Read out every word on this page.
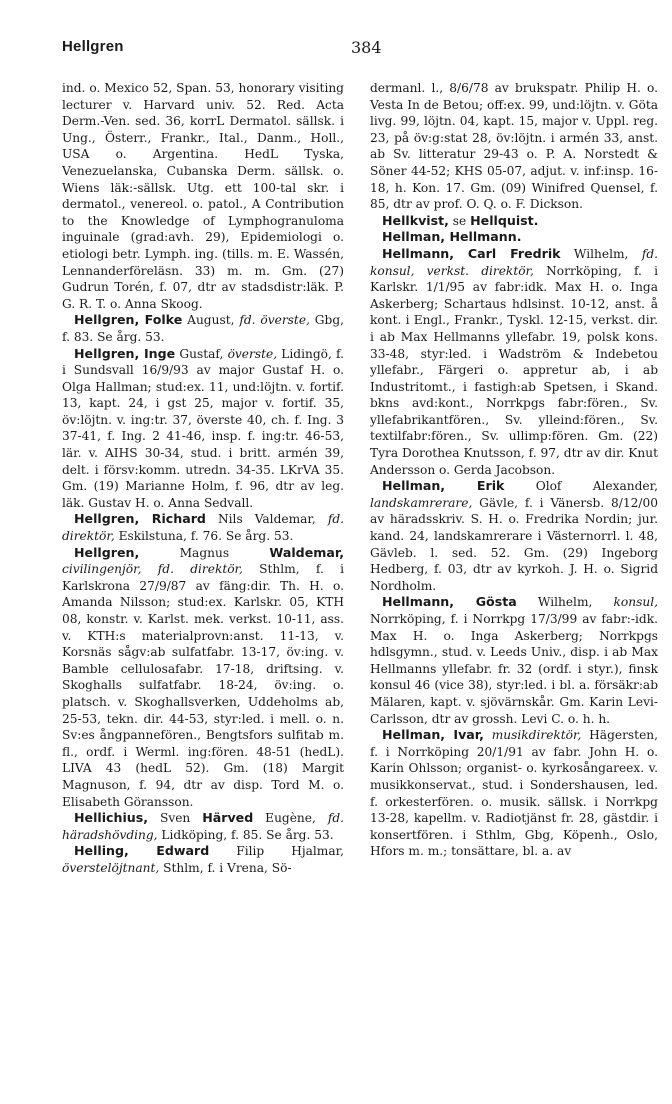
Hellgren	384

ind. o. Mexico 52, Span. 53, honorary visiting lecturer v. Harvard univ. 52. Red. Acta Derm.-Ven. sed. 36, korrL Dermatol. sällsk. i Ung., Österr., Frankr., Ital., Danm., Holl., USA o. Argentina. HedL Tyska, Venezuelanska, Cubanska Derm. sällsk. o. Wiens läk:-sällsk. Utg. ett 100-tal skr. i dermatol., venereol. o. patol., A Contribution to the Knowledge of Lymphogranuloma inguinale (grad:avh. 29), Epidemiologi o. etiologi betr. Lymph. ing. (tills. m. E. Wassén, Lennanderföreläsn. 33) m. m. Gm. (27) Gudrun Torén, f. 07, dtr av stadsdistr:läk. P. G. R. T. o. Anna Skoog.

Hellgren, Folke August, fd. överste, Gbg, f. 83. Se årg. 53.

Hellgren, Inge Gustaf, överste, Lidingö, f. i Sundsvall 16/9/93 av major Gustaf H. o. Olga Hallman; stud:ex. 11, und:löjtn. v. fortif. 13, kapt. 24, i gst 25, major v. fortif. 35, öv:löjtn. v. ing:tr. 37, överste 40, ch. f. Ing. 3 37-41, f. Ing. 2 41-46, insp. f. ing:tr. 46-53, lär. v. AIHS 30-34, stud. i britt. armén 39, delt. i försv:komm. utredn. 34-35. LKrVA 35. Gm. (19) Marianne Holm, f. 96, dtr av leg. läk. Gustav H. o. Anna Sedvall.

Hellgren, Richard Nils Valdemar, fd. direktör, Eskilstuna, f. 76. Se årg. 53.

Hellgren, Magnus Waldemar, civilingenjör, fd. direktör, Sthlm, f. i Karlskrona 27/9/87 av fäng:dir. Th. H. o. Amanda Nilsson; stud:ex. Karlskr. 05, KTH 08, konstr. v. Karlst. mek. verkst. 10-11, ass. v. KTH:s materialprovn:anst. 11-13, v. Korsnäs sågv:ab sulfatfabr. 13-17, öv:ing. v. Bamble cellulosafabr. 17-18, driftsing. v. Skoghalls sulfatfabr. 18-24, öv:ing. o. platsch. v. Skoghallsverken, Uddeholms ab, 25-53, tekn. dir. 44-53, styr:led. i mell. o. n. Sv:es ångpannefören., Bengtsfors sulfitab m. fl., ordf. i Werml. ing:fören. 48-51 (hedL). LIVA 43 (hedL 52). Gm. (18) Margit Magnuson, f. 94, dtr av disp. Tord M. o. Elisabeth Göransson.

Hellichius, Sven Härved Eugène, fd. häradshövding, Lidköping, f. 85. Se årg. 53.

Helling, Edward Filip Hjalmar, överstelöjtnant, Sthlm, f. i Vrena, Sö-

dermanl. l., 8/6/78 av brukspatr. Philip H. o. Vesta In de Betou; off:ex. 99, und:löjtn. v. Göta livg. 99, löjtn. 04, kapt. 15, major v. Uppl. reg. 23, på öv:g:stat 28, öv:löjtn. i armén 33, anst. ab Sv. litteratur 29-43 o. P. A. Norstedt & Söner 44-52; KHS 05-07, adjut. v. inf:insp. 16-18, h. Kon. 17. Gm. (09) Winifred Quensel, f. 85, dtr av prof. O. Q. o. F. Dickson.

Hellkvist, se Hellquist.

Hellman, Hellmann.

Hellmann, Carl Fredrik Wilhelm, fd. konsul, verkst. direktör, Norrköping, f. i Karlskr. 1/1/95 av fabr:idk. Max H. o. Inga Askerberg; Schartaus hdlsinst. 10-12, anst. å kont. i Engl., Frankr., Tyskl. 12-15, verkst. dir. i ab Max Hellmanns yllefabr. 19, polsk kons. 33-48, styr:led. i Wadström & Indebetou yllefabr., Färgeri o. appretur ab, i ab Industritomt., i fastigh:ab Spetsen, i Skand. bkns avd:kont., Norrkpgs fabr:fören., Sv. yllefabrikantfören., Sv. ylleind:fören., Sv. textilfabr:fören., Sv. ullimp:fören. Gm. (22) Tyra Dorothea Knutsson, f. 97, dtr av dir. Knut Andersson o. Gerda Jacobson.

Hellman, Erik Olof Alexander, landskamrerare, Gävle, f. i Vänersb. 8/12/00 av häradsskriv. S. H. o. Fredrika Nordin; jur. kand. 24, landskamrerare i Västernorrl. l. 48, Gävleb. l. sed. 52. Gm. (29) Ingeborg Hedberg, f. 03, dtr av kyrkoh. J. H. o. Sigrid Nordholm.

Hellmann, Gösta Wilhelm, konsul, Norrköping, f. i Norrkpg 17/3/99 av fabr:-idk. Max H. o. Inga Askerberg; Norrkpgs hdlsgymn., stud. v. Leeds Univ., disp. i ab Max Hellmanns yllefabr. fr. 32 (ordf. i styr.), finsk konsul 46 (vice 38), styr:led. i bl. a. försäkr:ab Mälaren, kapt. v. sjövärnskår. Gm. Karin Levi-Carlsson, dtr av grossh. Levi C. o. h. h.

Hellman, Ivar, musikdirektör, Hägersten, f. i Norrköping 20/1/91 av fabr. John H. o. Karin Ohlsson; organist- o. kyrkosångareex. v. musikkonservat., stud. i Sondershausen, led. f. orkesterfören. o. musik. sällsk. i Norrkpg 13-28, kapellm. v. Radiotjänst fr. 28, gästdir. i konsertfören. i Sthlm, Gbg, Köpenh., Oslo, Hfors m. m.; tonsättare, bl. a. av
